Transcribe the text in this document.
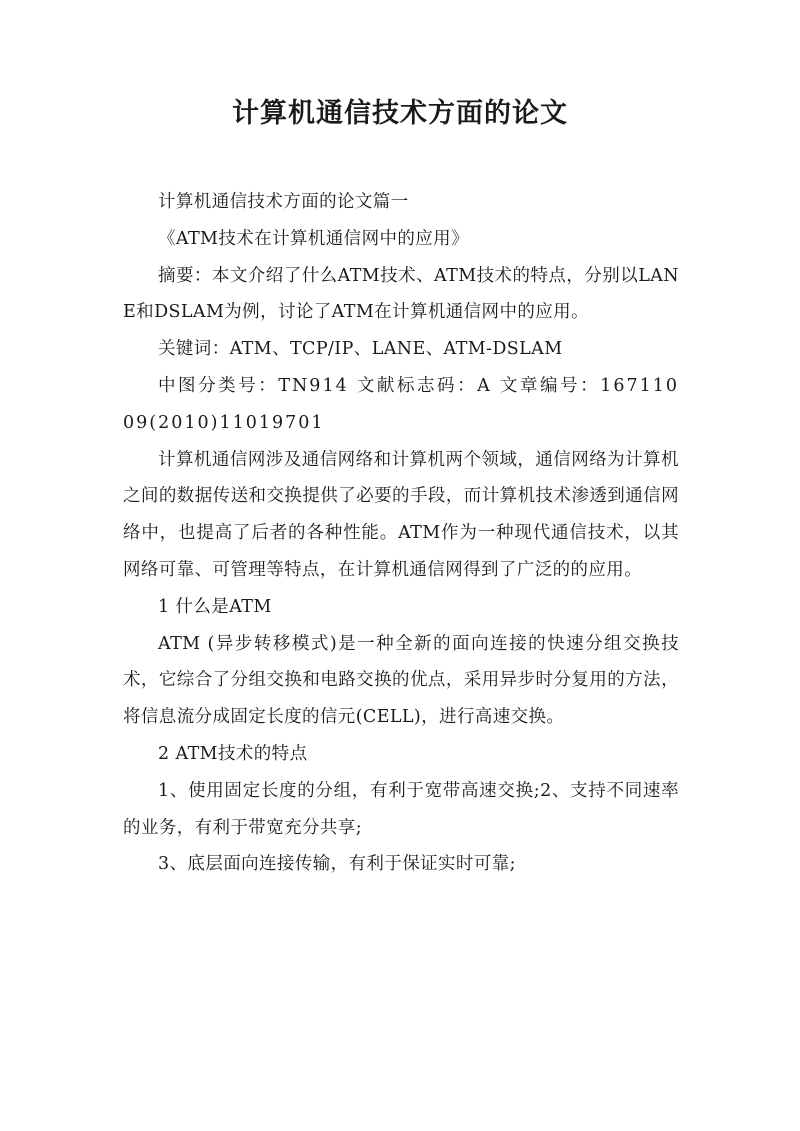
计算机通信技术方面的论文

计算机通信技术方面的论文篇一

《ATM技术在计算机通信网中的应用》

摘要：本文介绍了什么ATM技术、ATM技术的特点，分别以LANE和DSLAM为例，讨论了ATM在计算机通信网中的应用。

关键词：ATM、TCP/IP、LANE、ATM-DSLAM

中图分类号：TN914 文献标志码：A 文章编号：16711009(2010)11019701

计算机通信网涉及通信网络和计算机两个领域，通信网络为计算机之间的数据传送和交换提供了必要的手段，而计算机技术渗透到通信网络中，也提高了后者的各种性能。ATM作为一种现代通信技术，以其网络可靠、可管理等特点，在计算机通信网得到了广泛的的应用。

1 什么是ATM

ATM (异步转移模式)是一种全新的面向连接的快速分组交换技术，它综合了分组交换和电路交换的优点，采用异步时分复用的方法，将信息流分成固定长度的信元(CELL)，进行高速交换。

2 ATM技术的特点

1、使用固定长度的分组，有利于宽带高速交换;2、支持不同速率的业务，有利于带宽充分共享;

3、底层面向连接传输，有利于保证实时可靠;
